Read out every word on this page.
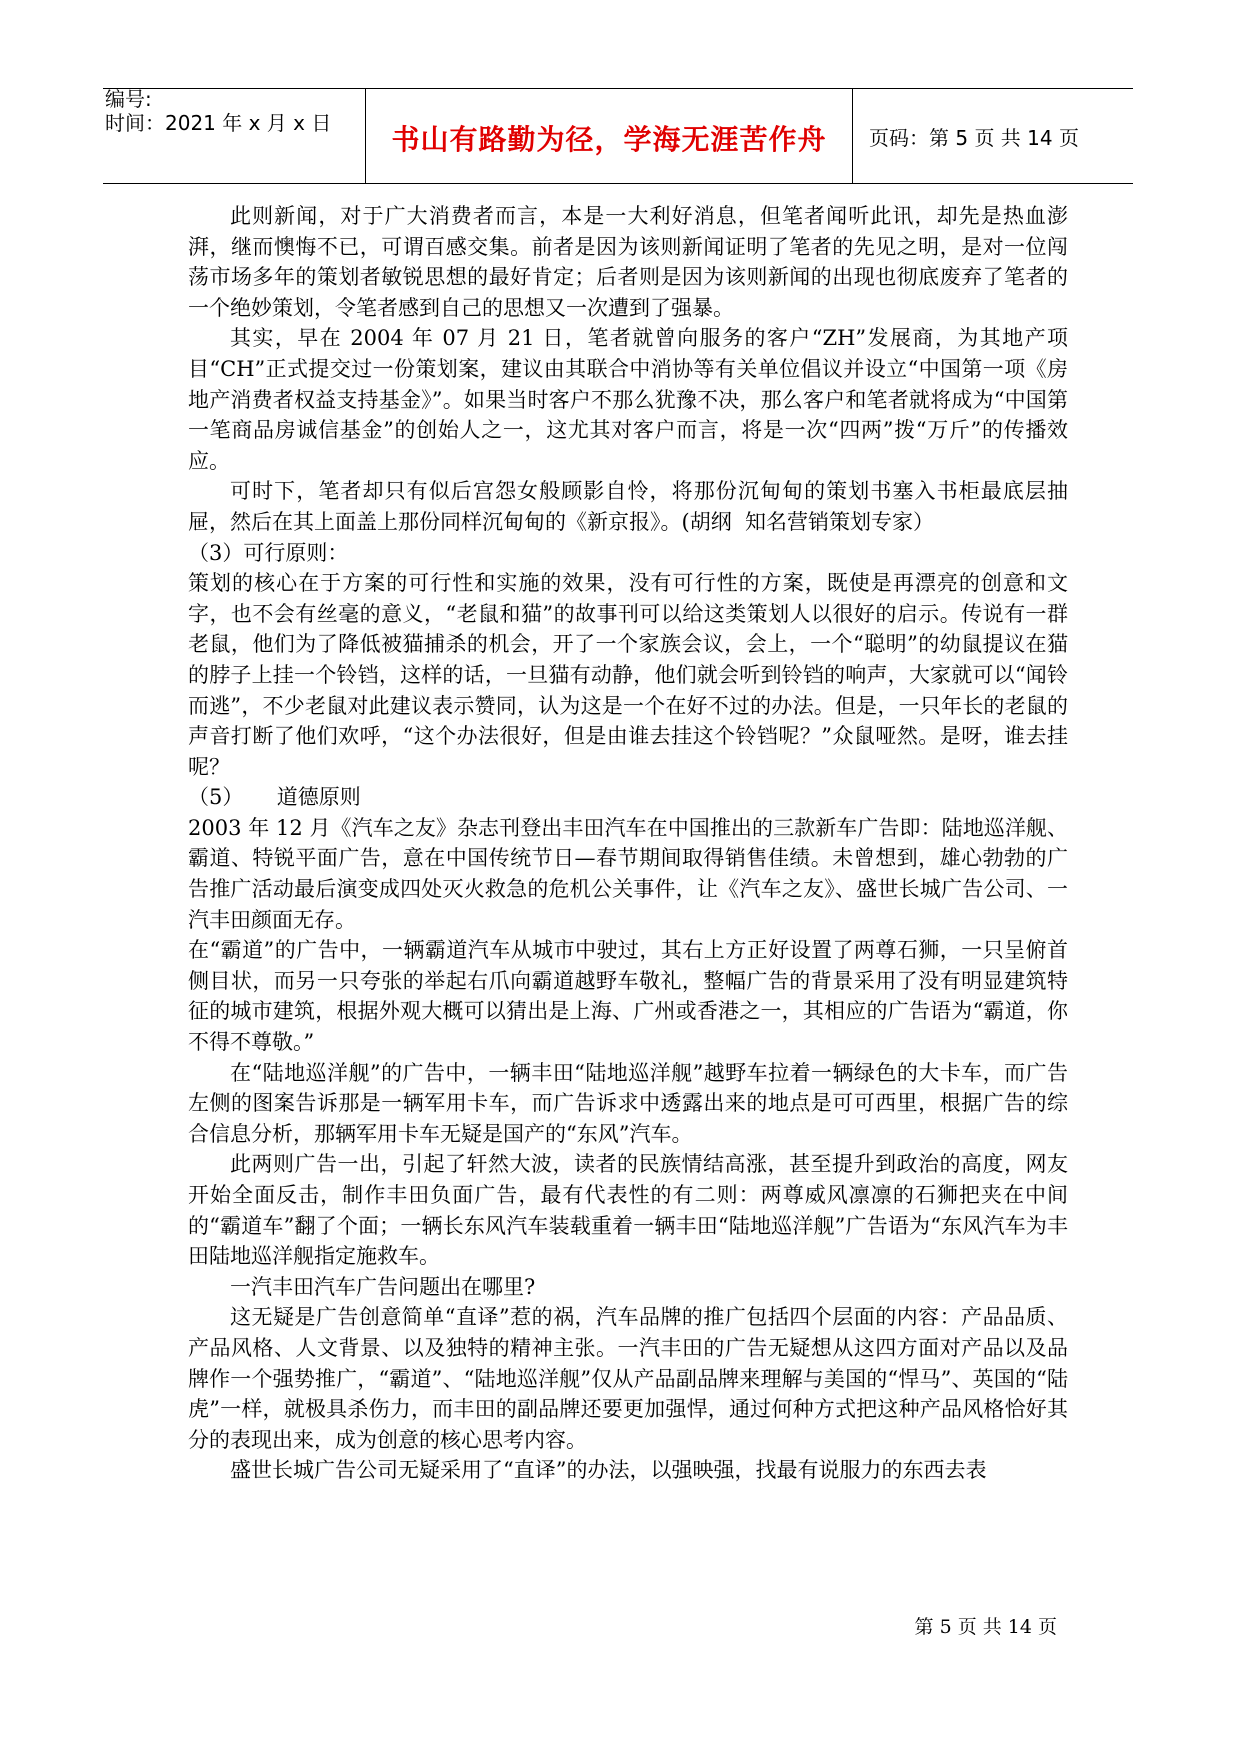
编号:
时间：2021 年 x 月 x 日	书山有路勤为径，学海无涯苦作舟	页码：第 5 页 共 14 页

此则新闻，对于广大消费者而言，本是一大利好消息，但笔者闻听此讯，却先是热血澎湃，继而懊悔不已，可谓百感交集。前者是因为该则新闻证明了笔者的先见之明，是对一位闯荡市场多年的策划者敏锐思想的最好肯定；后者则是因为该则新闻的出现也彻底废弃了笔者的一个绝妙策划，令笔者感到自己的思想又一次遭到了强暴。

其实，早在 2004 年 07 月 21 日，笔者就曾向服务的客户“ZH”发展商，为其地产项目“CH”正式提交过一份策划案，建议由其联合中消协等有关单位倡议并设立“中国第一项《房地产消费者权益支持基金》”。如果当时客户不那么犹豫不决，那么客户和笔者就将成为“中国第一笔商品房诚信基金”的创始人之一，这尤其对客户而言，将是一次“四两”拨“万斤”的传播效应。

可时下，笔者却只有似后宫怨女般顾影自怜，将那份沉甸甸的策划书塞入书柜最底层抽屉，然后在其上面盖上那份同样沉甸甸的《新京报》。(胡纲  知名营销策划专家）

（3）可行原则：

策划的核心在于方案的可行性和实施的效果，没有可行性的方案，既使是再漂亮的创意和文字，也不会有丝毫的意义，“老鼠和猫”的故事刊可以给这类策划人以很好的启示。传说有一群老鼠，他们为了降低被猫捕杀的机会，开了一个家族会议，会上，一个“聪明”的幼鼠提议在猫的脖子上挂一个铃铛，这样的话，一旦猫有动静，他们就会听到铃铛的响声，大家就可以“闻铃而逃”，不少老鼠对此建议表示赞同，认为这是一个在好不过的办法。但是，一只年长的老鼠的声音打断了他们欢呼，“这个办法很好，但是由谁去挂这个铃铛呢？”众鼠哑然。是呀，谁去挂呢？

（5）     道德原则

2003 年 12 月《汽车之友》杂志刊登出丰田汽车在中国推出的三款新车广告即：陆地巡洋舰、霸道、特锐平面广告，意在中国传统节日—春节期间取得销售佳绩。未曾想到，雄心勃勃的广告推广活动最后演变成四处灭火救急的危机公关事件，让《汽车之友》、盛世长城广告公司、一汽丰田颜面无存。

在“霸道”的广告中，一辆霸道汽车从城市中驶过，其右上方正好设置了两尊石狮，一只呈俯首侧目状，而另一只夸张的举起右爪向霸道越野车敬礼，整幅广告的背景采用了没有明显建筑特征的城市建筑，根据外观大概可以猜出是上海、广州或香港之一，其相应的广告语为“霸道，你不得不尊敬。”

在“陆地巡洋舰”的广告中，一辆丰田“陆地巡洋舰”越野车拉着一辆绿色的大卡车，而广告左侧的图案告诉那是一辆军用卡车，而广告诉求中透露出来的地点是可可西里，根据广告的综合信息分析，那辆军用卡车无疑是国产的“东风”汽车。

此两则广告一出，引起了轩然大波，读者的民族情结高涨，甚至提升到政治的高度，网友开始全面反击，制作丰田负面广告，最有代表性的有二则：两尊威风凛凛的石狮把夹在中间的“霸道车”翻了个面；一辆长东风汽车装载重着一辆丰田“陆地巡洋舰”广告语为“东风汽车为丰田陆地巡洋舰指定施救车。

一汽丰田汽车广告问题出在哪里?

这无疑是广告创意简单“直译”惹的祸，汽车品牌的推广包括四个层面的内容：产品品质、产品风格、人文背景、以及独特的精神主张。一汽丰田的广告无疑想从这四方面对产品以及品牌作一个强势推广，“霸道”、“陆地巡洋舰”仅从产品副品牌来理解与美国的“悍马”、英国的“陆虎”一样，就极具杀伤力，而丰田的副品牌还要更加强悍，通过何种方式把这种产品风格恰好其分的表现出来，成为创意的核心思考内容。

盛世长城广告公司无疑采用了“直译”的办法，以强映强，找最有说服力的东西去表

第 5 页 共 14 页
